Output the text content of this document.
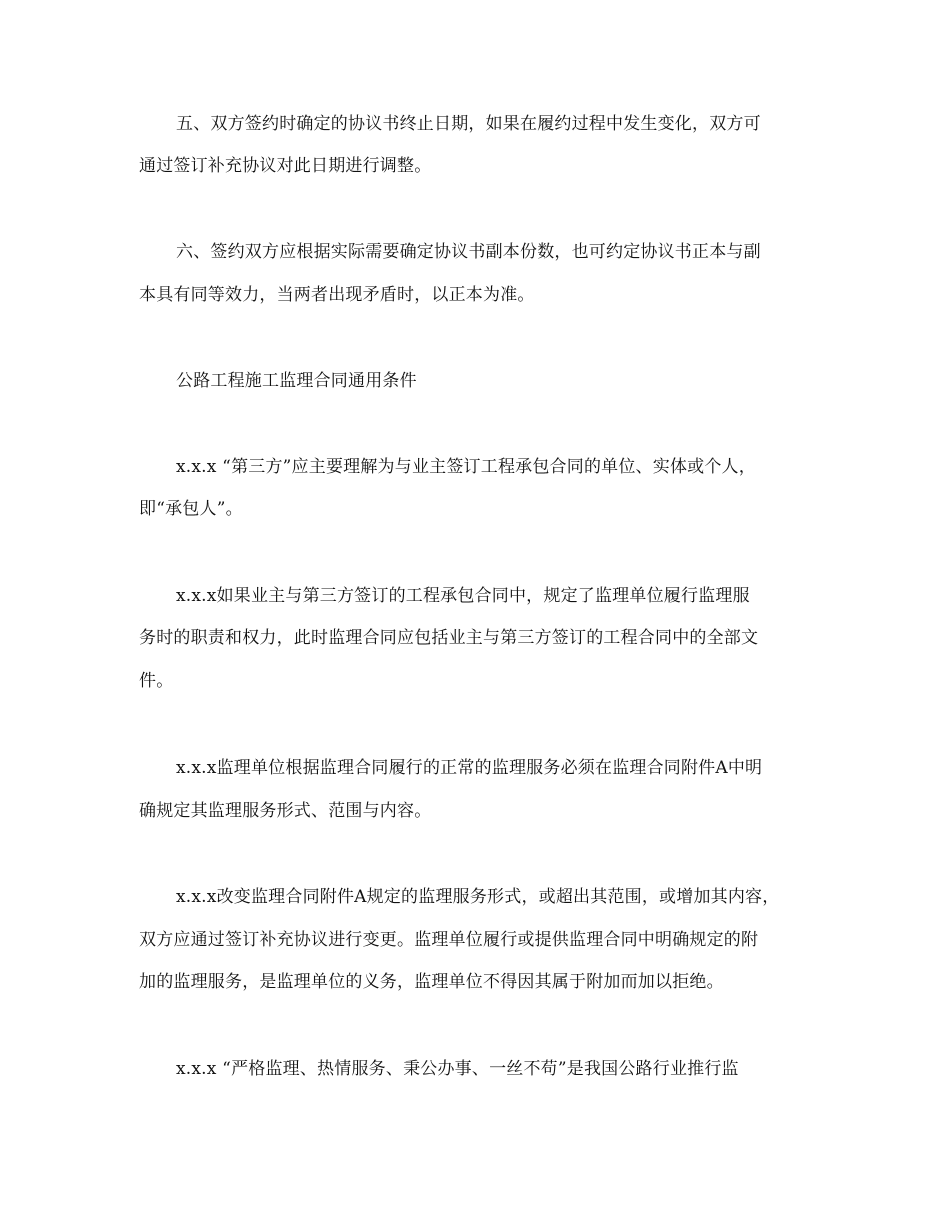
五、双方签约时确定的协议书终止日期，如果在履约过程中发生变化，双方可
通过签订补充协议对此日期进行调整。
六、签约双方应根据实际需要确定协议书副本份数，也可约定协议书正本与副
本具有同等效力，当两者出现矛盾时，以正本为准。
公路工程施工监理合同通用条件
x.x.x “第三方”应主要理解为与业主签订工程承包合同的单位、实体或个人，
即“承包人”。
x.x.x如果业主与第三方签订的工程承包合同中，规定了监理单位履行监理服
务时的职责和权力，此时监理合同应包括业主与第三方签订的工程合同中的全部文
件。
x.x.x监理单位根据监理合同履行的正常的监理服务必须在监理合同附件A中明
确规定其监理服务形式、范围与内容。
x.x.x改变监理合同附件A规定的监理服务形式，或超出其范围，或增加其内容，
双方应通过签订补充协议进行变更。监理单位履行或提供监理合同中明确规定的附
加的监理服务，是监理单位的义务，监理单位不得因其属于附加而加以拒绝。
x.x.x “严格监理、热情服务、秉公办事、一丝不苟”是我国公路行业推行监
